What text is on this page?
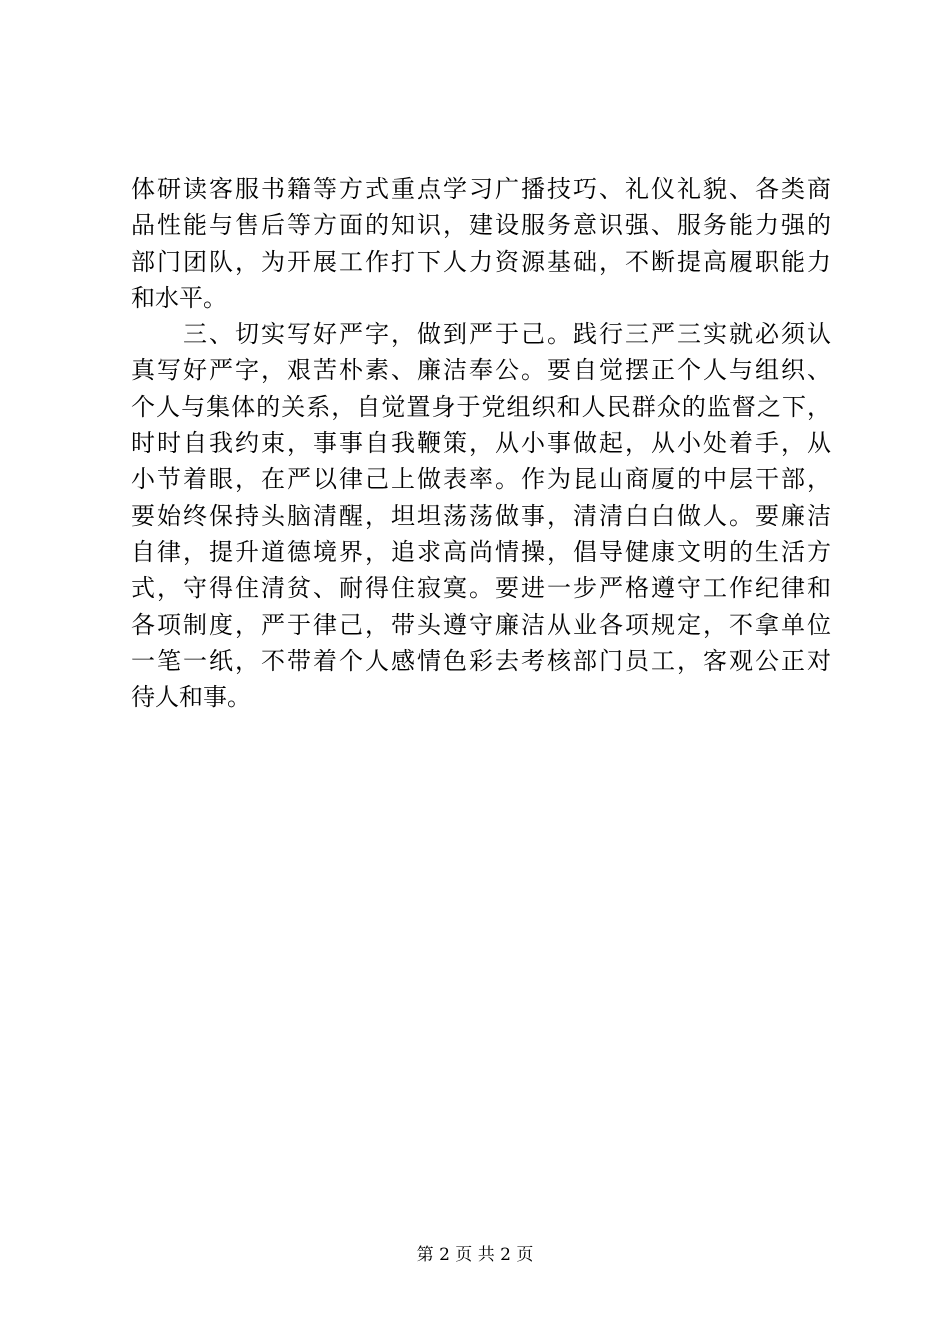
体研读客服书籍等方式重点学习广播技巧、礼仪礼貌、各类商
品性能与售后等方面的知识，建设服务意识强、服务能力强的
部门团队，为开展工作打下人力资源基础，不断提高履职能力
和水平。
　　三、切实写好严字，做到严于己。践行三严三实就必须认
真写好严字，艰苦朴素、廉洁奉公。要自觉摆正个人与组织、
个人与集体的关系，自觉置身于党组织和人民群众的监督之下，
时时自我约束，事事自我鞭策，从小事做起，从小处着手，从
小节着眼，在严以律己上做表率。作为昆山商厦的中层干部，
要始终保持头脑清醒，坦坦荡荡做事，清清白白做人。要廉洁
自律，提升道德境界，追求高尚情操，倡导健康文明的生活方
式，守得住清贫、耐得住寂寞。要进一步严格遵守工作纪律和
各项制度，严于律己，带头遵守廉洁从业各项规定，不拿单位
一笔一纸，不带着个人感情色彩去考核部门员工，客观公正对
待人和事。
第 2 页 共 2 页
